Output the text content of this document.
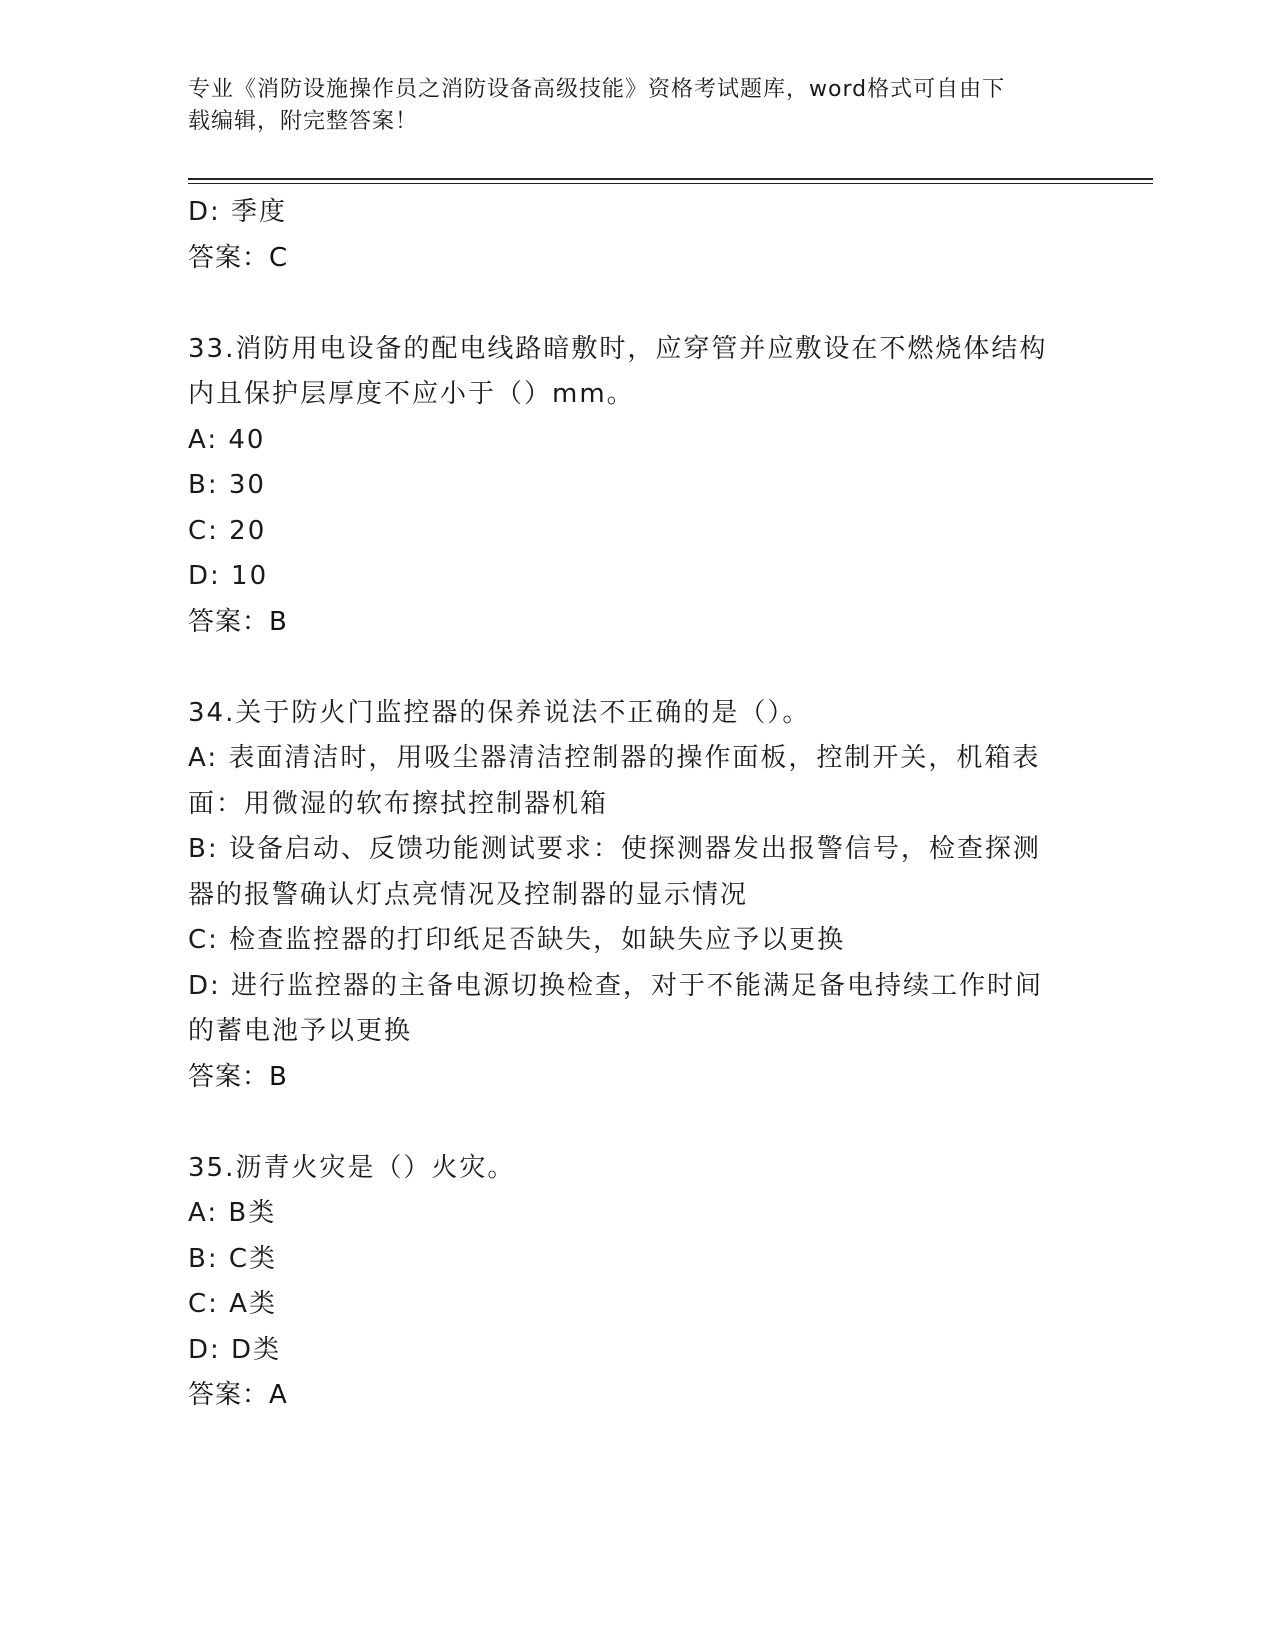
专业《消防设施操作员之消防设备高级技能》资格考试题库，word格式可自由下
载编辑，附完整答案！
D: 季度
答案：C
33.消防用电设备的配电线路暗敷时，应穿管并应敷设在不燃烧体结构
内且保护层厚度不应小于（）mm。
A: 40
B: 30
C: 20
D: 10
答案：B
34.关于防火门监控器的保养说法不正确的是（）。
A: 表面清洁时，用吸尘器清洁控制器的操作面板，控制开关，机箱表
面：用微湿的软布擦拭控制器机箱
B: 设备启动、反馈功能测试要求：使探测器发出报警信号，检查探测
器的报警确认灯点亮情况及控制器的显示情况
C: 检查监控器的打印纸足否缺失，如缺失应予以更换
D: 进行监控器的主备电源切换检查，对于不能满足备电持续工作时间
的蓄电池予以更换
答案：B
35.沥青火灾是（）火灾。
A: B类
B: C类
C: A类
D: D类
答案：A
